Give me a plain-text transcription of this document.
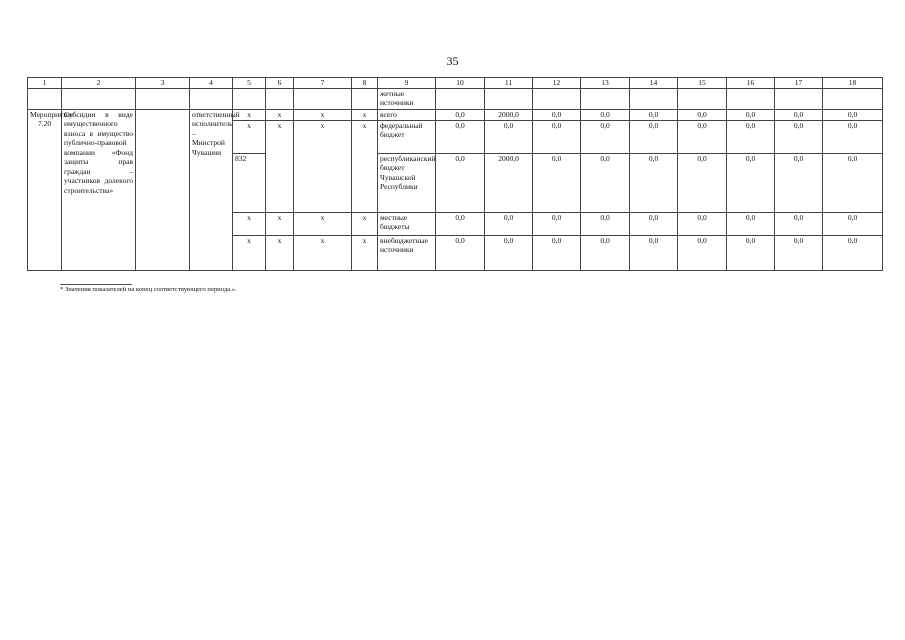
35
1	2	3	4	5	6	7	8	9	10	11	12	13	14	15	16	17	18
								жетные источники									
Мероприятие 7.20	Субсидии в виде имущественного взноса в имущество публично-правовой компании «Фонд защиты прав граждан – участников долевого строительства»		ответственный исполнитель – Минстрой Чувашии	x	x	x	x	всего	0,0	2000,0	0,0	0,0	0,0	0,0	0,0	0,0	0,0
				x	x	x	x	федеральный бюджет	0,0	0,0	0,0	0,0	0,0	0,0	0,0	0,0	0,0
				832				республиканский бюджет Чувашской Республики	0,0	2000,0	0,0	0,0	0,0	0,0	0,0	0,0	0,0
				x	x	x	x	местные бюджеты	0,0	0,0	0,0	0,0	0,0	0,0	0,0	0,0	0,0
				x	x	x	x	внебюджетные источники	0,0	0,0	0,0	0,0	0,0	0,0	0,0	0,0	0,0
* Значения показателей на конец соответствующего периода.».
